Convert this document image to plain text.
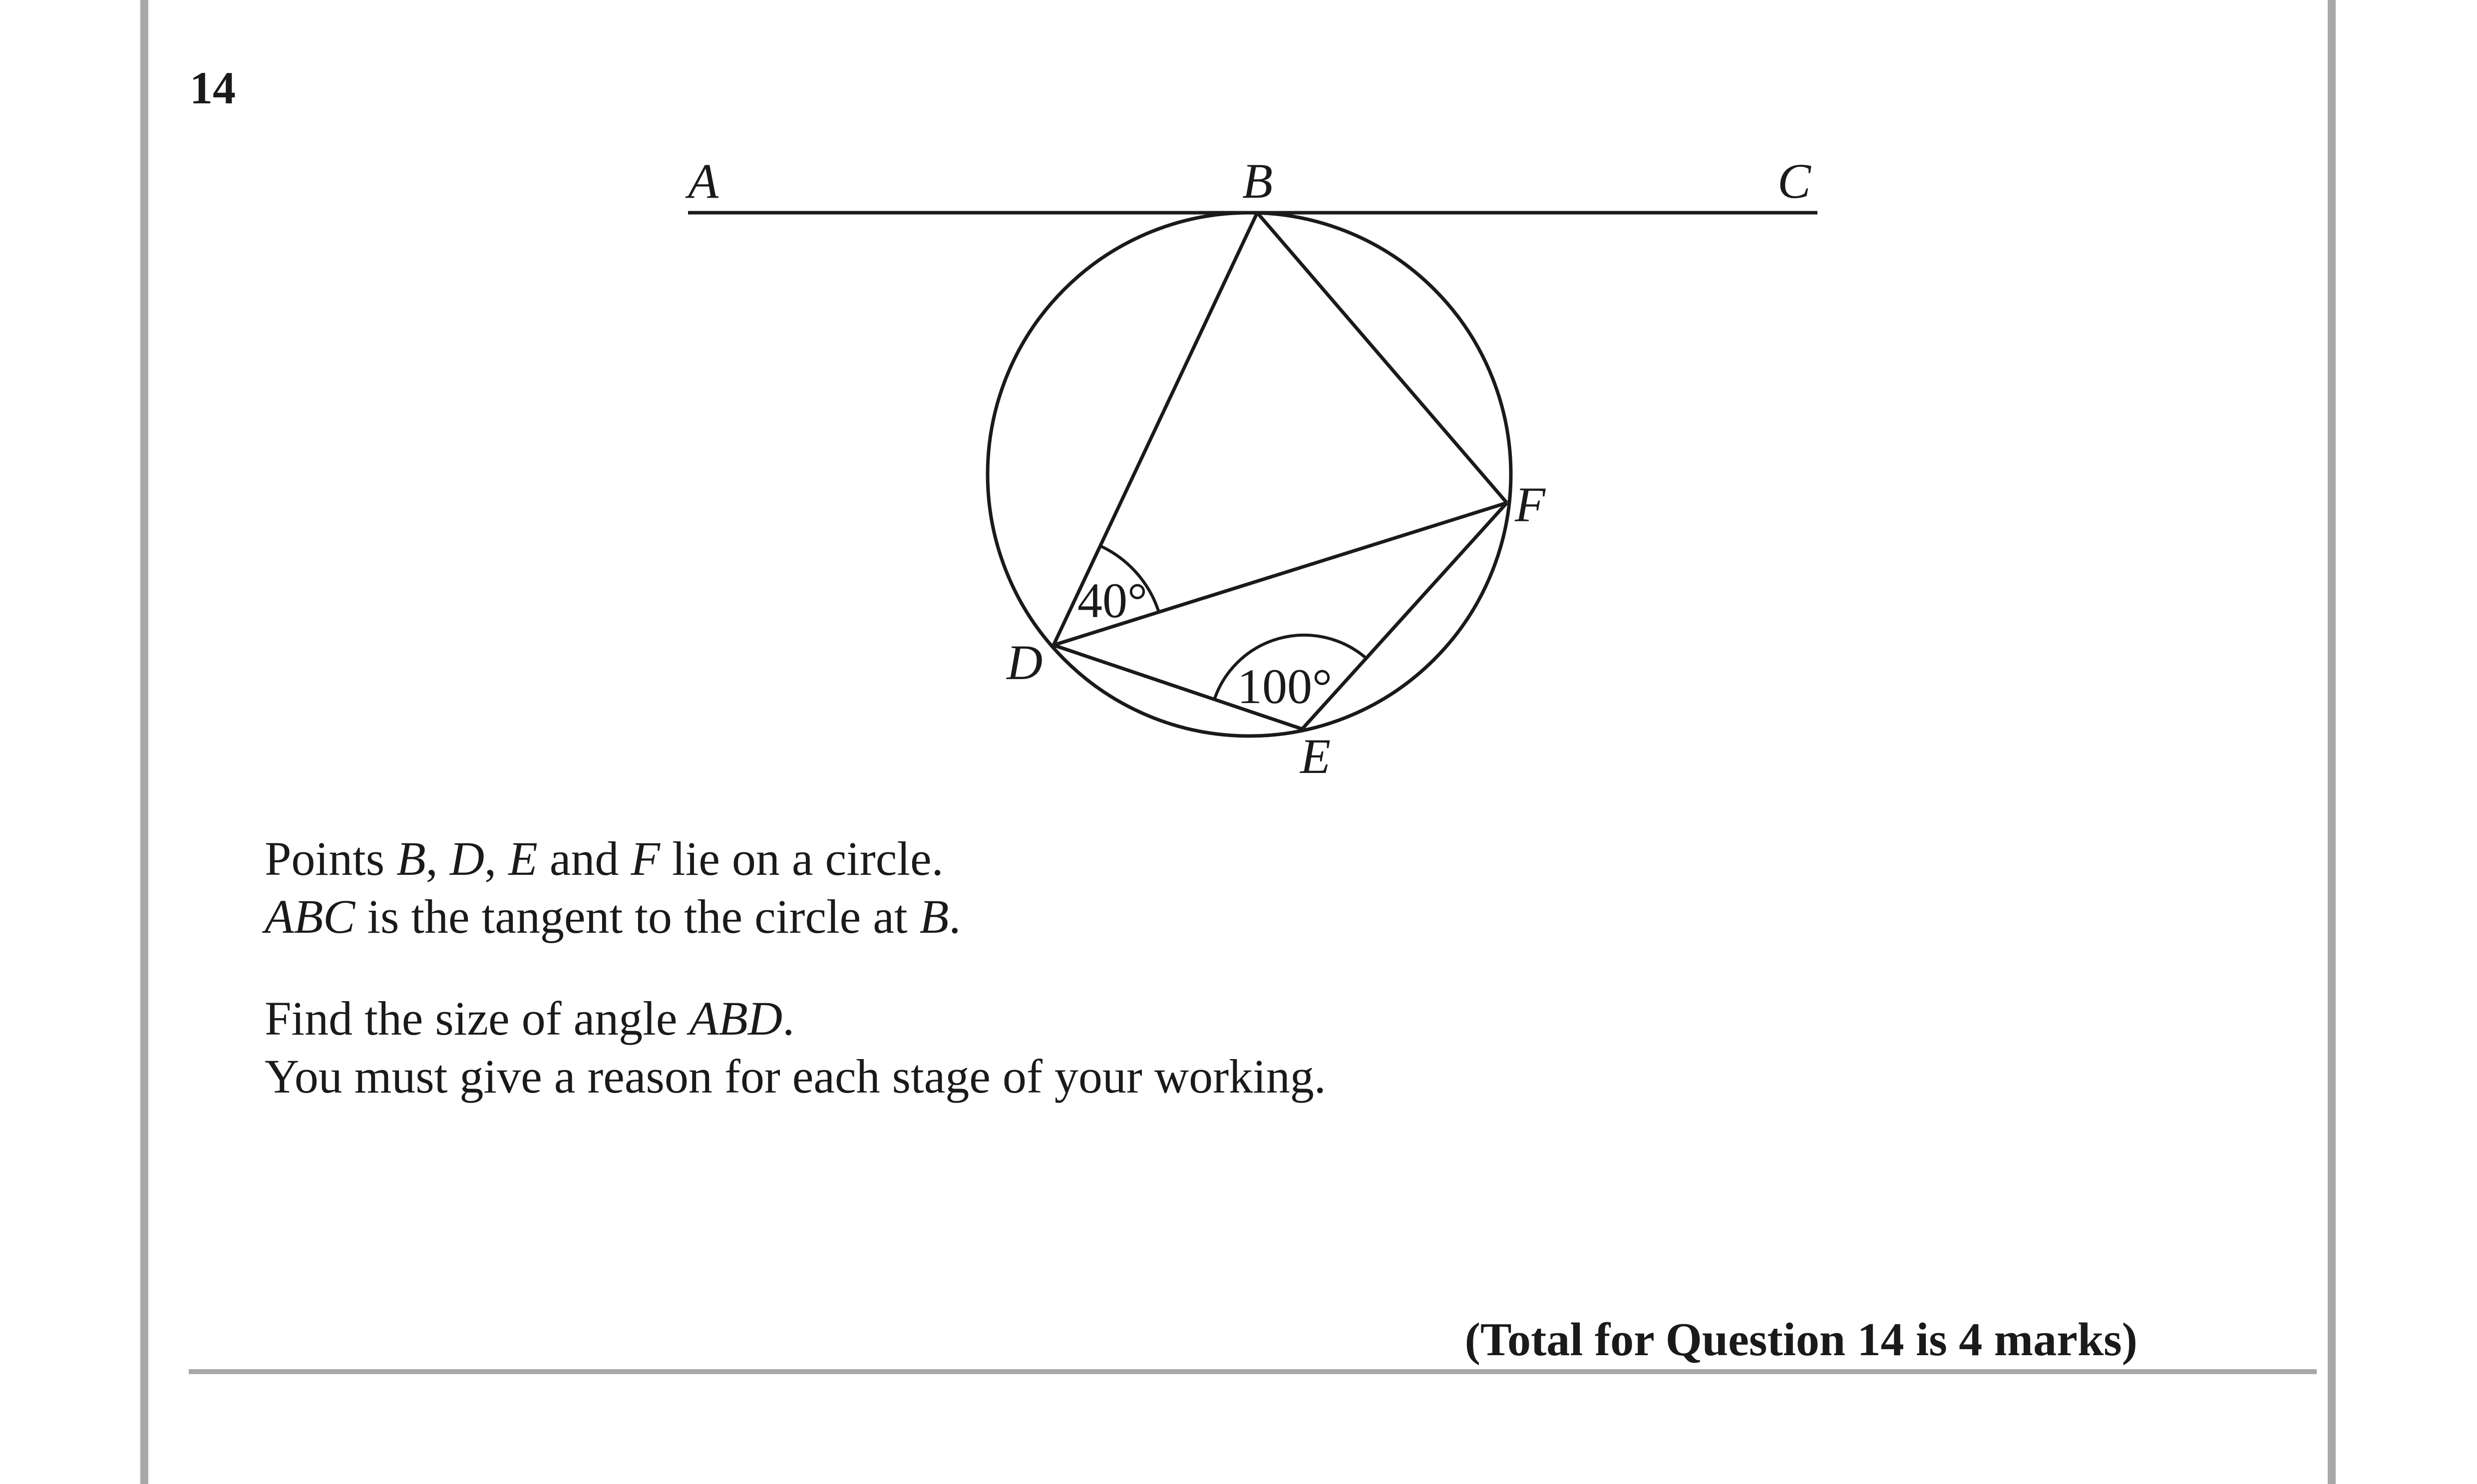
14
A	B	C
D
E
F
40°
100°

Points B, D, E and F lie on a circle.

ABC is the tangent to the circle at B.

Find the size of angle ABD.

You must give a reason for each stage of your working.

(Total for Question 14 is 4 marks)
